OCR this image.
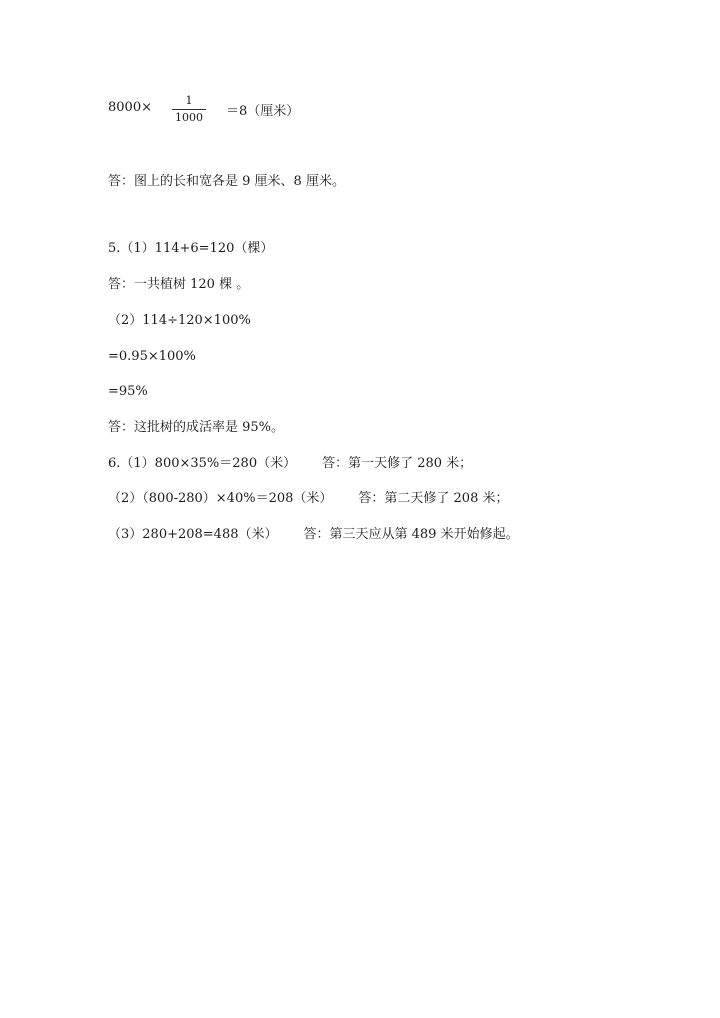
8000×	1
1000 ＝8（厘米）
答：图上的长和宽各是 9 厘米、8 厘米。
5.（1）114+6=120（棵）
答：一共植树 120 棵 。
（2）114÷120×100%
=0.95×100%
=95%
答：这批树的成活率是 95%。
6.（1）800×35%＝280（米） 答：第一天修了 280 米；
（2）（800-280）×40%＝208（米） 答：第二天修了 208 米；
（3）280+208=488（米） 答：第三天应从第 489 米开始修起。
